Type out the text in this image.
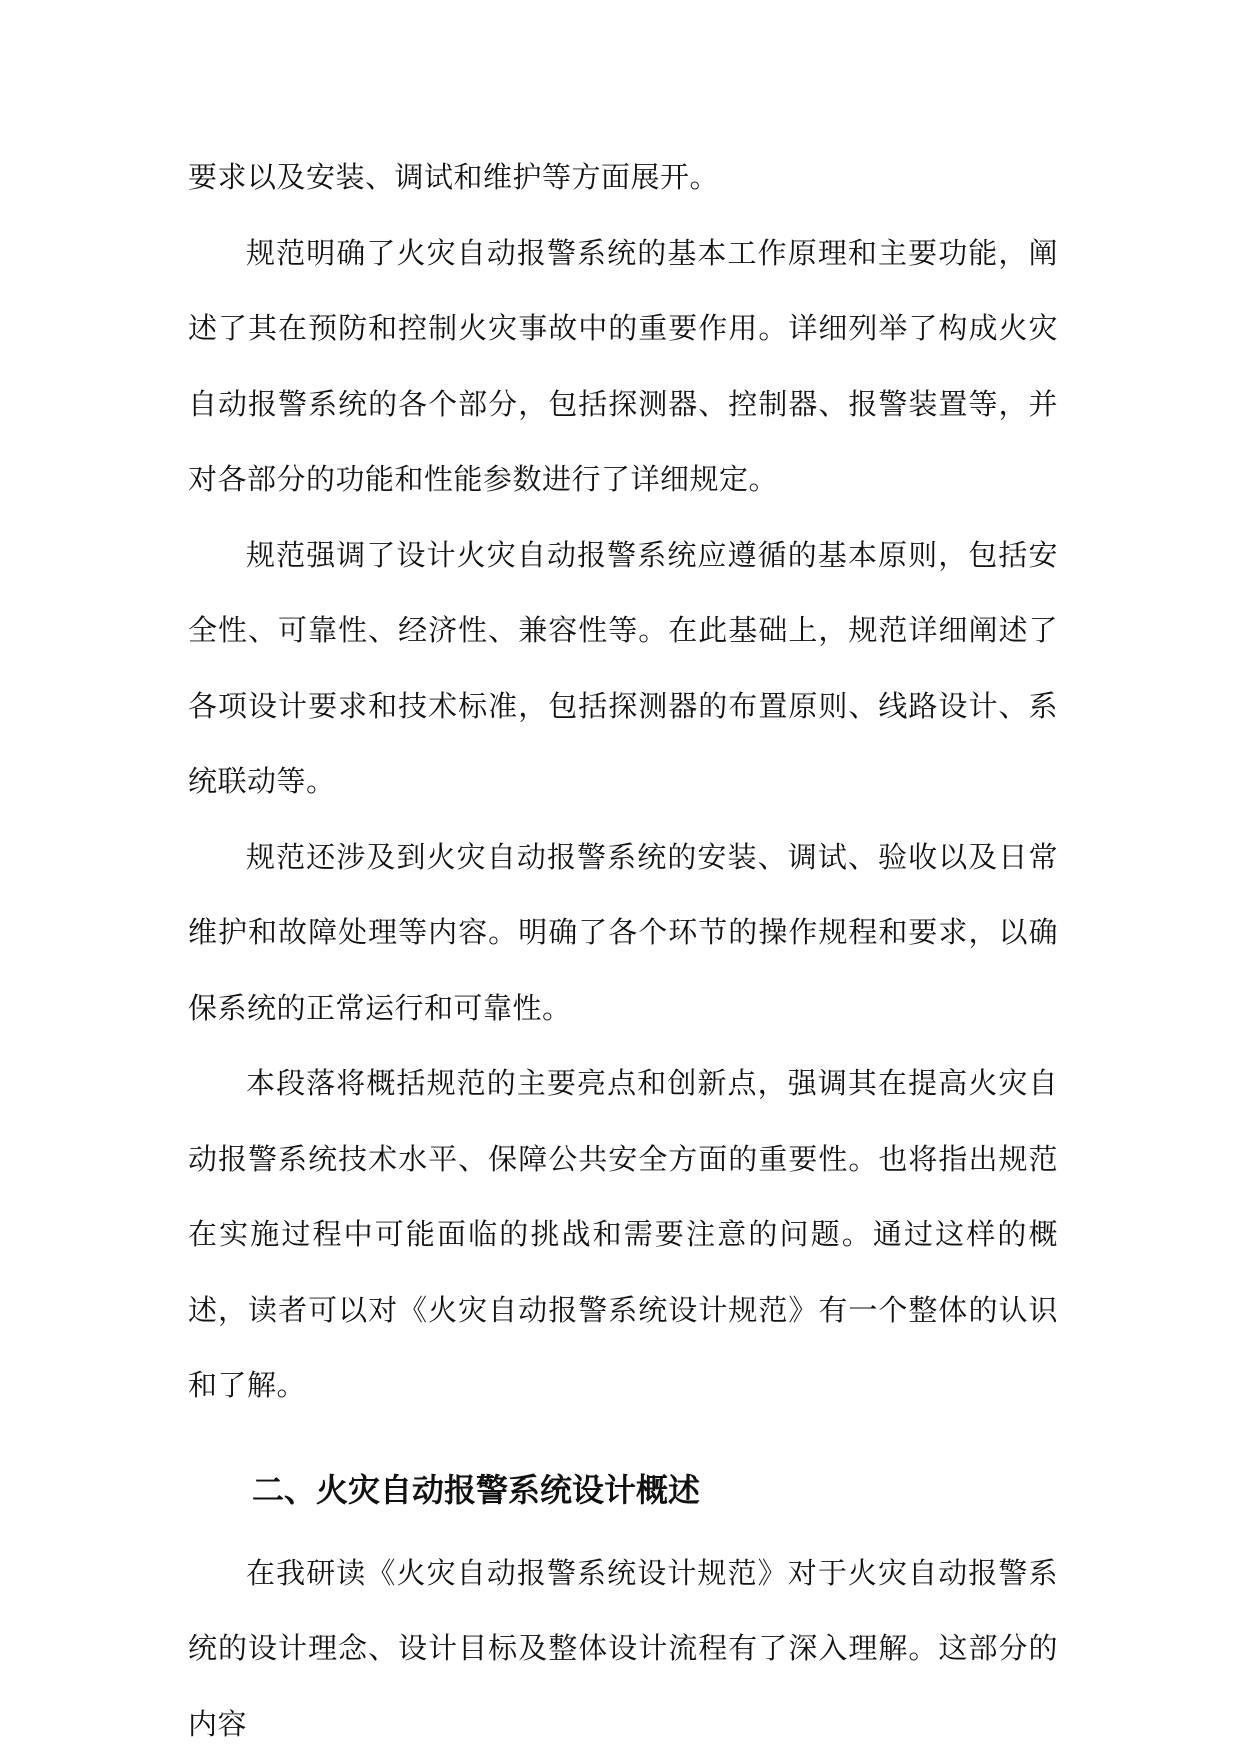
要求以及安装、调试和维护等方面展开。

规范明确了火灾自动报警系统的基本工作原理和主要功能，阐述了其在预防和控制火灾事故中的重要作用。详细列举了构成火灾自动报警系统的各个部分，包括探测器、控制器、报警装置等，并对各部分的功能和性能参数进行了详细规定。

规范强调了设计火灾自动报警系统应遵循的基本原则，包括安全性、可靠性、经济性、兼容性等。在此基础上，规范详细阐述了各项设计要求和技术标准，包括探测器的布置原则、线路设计、系统联动等。

规范还涉及到火灾自动报警系统的安装、调试、验收以及日常维护和故障处理等内容。明确了各个环节的操作规程和要求，以确保系统的正常运行和可靠性。

本段落将概括规范的主要亮点和创新点，强调其在提高火灾自动报警系统技术水平、保障公共安全方面的重要性。也将指出规范在实施过程中可能面临的挑战和需要注意的问题。通过这样的概述，读者可以对《火灾自动报警系统设计规范》有一个整体的认识和了解。

二、火灾自动报警系统设计概述

在我研读《火灾自动报警系统设计规范》对于火灾自动报警系统的设计理念、设计目标及整体设计流程有了深入理解。这部分的内容
